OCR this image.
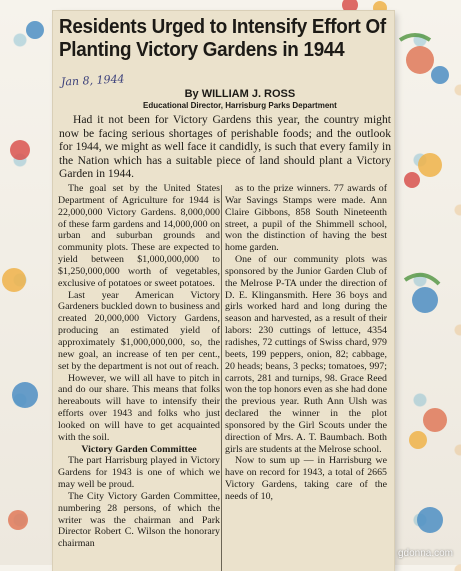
Residents Urged to Intensify Effort Of Planting Victory Gardens in 1944
Jan 8, 1944
By WILLIAM J. ROSS
Educational Director, Harrisburg Parks Department
Had it not been for Victory Gardens this year, the country might now be facing serious shortages of perishable foods; and the outlook for 1944, we might as well face it candidly, is such that every family in the Nation which has a suitable piece of land should plant a Victory Garden in 1944.

The goal set by the United States Department of Agriculture for 1944 is 22,000,000 Victory Gardens. 8,000,000 of these farm gardens and 14,000,000 on urban and suburban grounds and community plots. These are expected to yield between $1,000,000,000 to $1,250,000,000 worth of vegetables, exclusive of potatoes or sweet potatoes.

Last year American Victory Gardeners buckled down to business and created 20,000,000 Victory Gardens, producing an estimated yield of approximately $1,000,000,000, so, the new goal, an increase of ten per cent., set by the department is not out of reach.

However, we will all have to pitch in and do our share. This means that folks hereabouts will have to intensify their efforts over 1943 and folks who just looked on will have to get acquainted with the soil.

Victory Garden Committee

The part Harrisburg played in Victory Gardens for 1943 is one of which we may well be proud.

The City Victory Garden Committee, numbering 28 persons, of which the writer was the chairman and Park Director Robert C. Wilson the honorary chairman

as to the prize winners. 77 awards of War Savings Stamps were made. Ann Claire Gibbons, 858 South Nineteenth street, a pupil of the Shimmell school, won the distinction of having the best home garden.

One of our community plots was sponsored by the Junior Garden Club of the Melrose P-TA under the direction of D. E. Klingansmith. Here 36 boys and girls worked hard and long during the season and harvested, as a result of their labors: 230 cuttings of lettuce, 4354 radishes, 72 cuttings of Swiss chard, 979 beets, 199 peppers, onion, 82; cabbage, 20 heads; beans, 3 pecks; tomatoes, 997; carrots, 281 and turnips, 98. Grace Reed won the top honors even as she had done the previous year. Ruth Ann Ulsh was declared the winner in the plot sponsored by the Girl Scouts under the direction of Mrs. A. T. Baumbach. Both girls are students at the Melrose school.

Now to sum up — in Harrisburg we have on record for 1943, a total of 2665 Victory Gardens, taking care of the needs of 10,

gdonna.com
